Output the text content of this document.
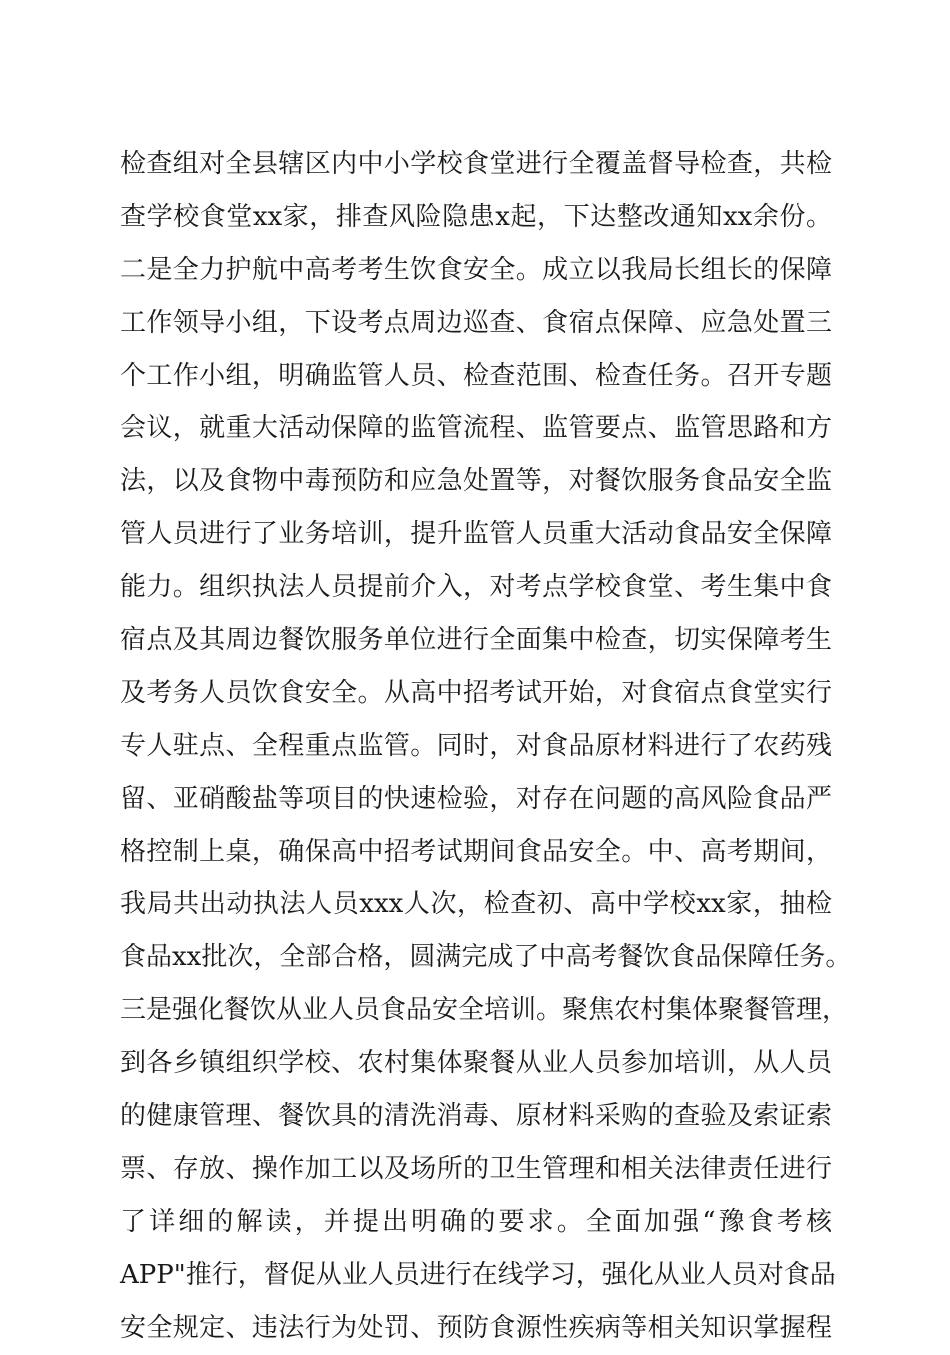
检查组对全县辖区内中小学校食堂进行全覆盖督导检查，共检
查学校食堂xx家，排查风险隐患x起，下达整改通知xx余份。
二是全力护航中高考考生饮食安全。成立以我局长组长的保障
工作领导小组，下设考点周边巡查、食宿点保障、应急处置三
个工作小组，明确监管人员、检查范围、检查任务。召开专题
会议，就重大活动保障的监管流程、监管要点、监管思路和方
法，以及食物中毒预防和应急处置等，对餐饮服务食品安全监
管人员进行了业务培训，提升监管人员重大活动食品安全保障
能力。组织执法人员提前介入，对考点学校食堂、考生集中食
宿点及其周边餐饮服务单位进行全面集中检查，切实保障考生
及考务人员饮食安全。从高中招考试开始，对食宿点食堂实行
专人驻点、全程重点监管。同时，对食品原材料进行了农药残
留、亚硝酸盐等项目的快速检验，对存在问题的高风险食品严
格控制上桌，确保高中招考试期间食品安全。中、高考期间，
我局共出动执法人员xxx人次，检查初、高中学校xx家，抽检
食品xx批次，全部合格，圆满完成了中高考餐饮食品保障任务。
三是强化餐饮从业人员食品安全培训。聚焦农村集体聚餐管理，
到各乡镇组织学校、农村集体聚餐从业人员参加培训，从人员
的健康管理、餐饮具的清洗消毒、原材料采购的查验及索证索
票、存放、操作加工以及场所的卫生管理和相关法律责任进行
了详细的解读，并提出明确的要求。全面加强“豫食考核
APP"推行，督促从业人员进行在线学习，强化从业人员对食品
安全规定、违法行为处罚、预防食源性疾病等相关知识掌握程
